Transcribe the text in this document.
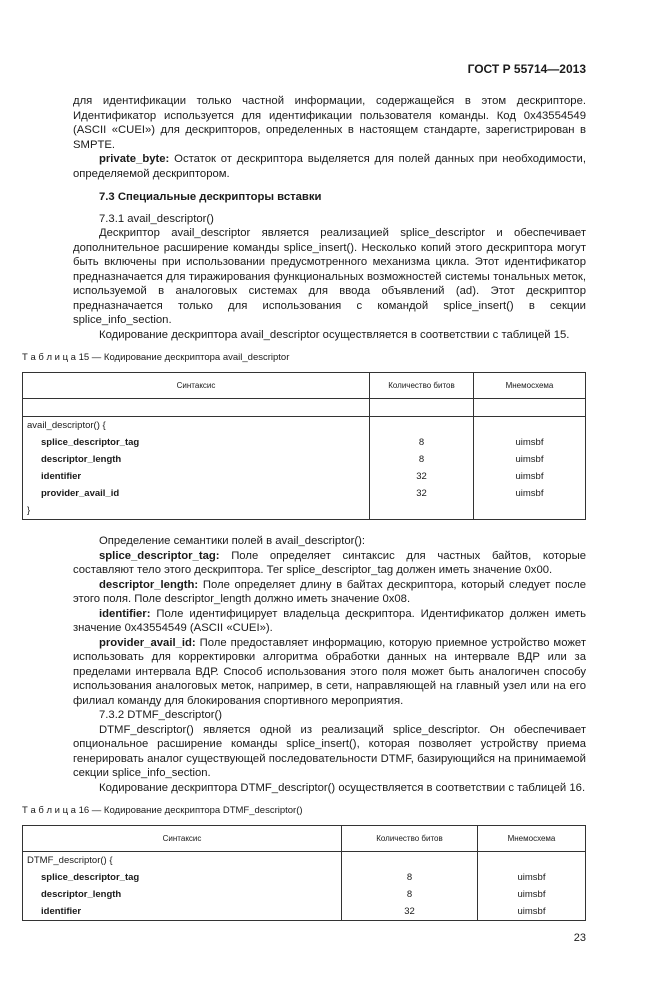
ГОСТ Р 55714—2013

для идентификации только частной информации, содержащейся в этом дескрипторе. Идентификатор используется для идентификации пользователя команды. Код 0x43554549 (ASCII «CUEI») для дескрипторов, определенных в настоящем стандарте, зарегистрирован в SMPTE.

private_byte: Остаток от дескриптора выделяется для полей данных при необходимости, определяемой дескриптором.

7.3 Специальные дескрипторы вставки

7.3.1 avail_descriptor()

Дескриптор avail_descriptor является реализацией splice_descriptor и обеспечивает дополнительное расширение команды splice_insert(). Несколько копий этого дескриптора могут быть включены при использовании предусмотренного механизма цикла. Этот идентификатор предназначается для тиражирования функциональных возможностей системы тональных меток, используемой в аналоговых системах для ввода объявлений (ad). Этот дескриптор предназначается только для использования с командой splice_insert() в секции splice_info_section.

Кодирование дескриптора avail_descriptor осуществляется в соответствии с таблицей 15.

Т а б л и ц а 15 — Кодирование дескриптора avail_descriptor
Синтаксис	Количество битов	Мнемосхема

avail_descriptor() {		
splice_descriptor_tag	8	uimsbf
descriptor_length	8	uimsbf
identifier	32	uimsbf
provider_avail_id	32	uimsbf
}		

Определение семантики полей в avail_descriptor():

splice_descriptor_tag: Поле определяет синтаксис для частных байтов, которые составляют тело этого дескриптора. Тег splice_descriptor_tag должен иметь значение 0x00.

descriptor_length: Поле определяет длину в байтах дескриптора, который следует после этого поля. Поле descriptor_length должно иметь значение 0x08.

identifier: Поле идентифицирует владельца дескриптора. Идентификатор должен иметь значение 0x43554549 (ASCII «CUEI»).

provider_avail_id: Поле предоставляет информацию, которую приемное устройство может использовать для корректировки алгоритма обработки данных на интервале ВДР или за пределами интервала ВДР. Способ использования этого поля может быть аналогичен способу использования аналоговых меток, например, в сети, направляющей на главный узел или на его филиал команду для блокирования спортивного мероприятия.

7.3.2 DTMF_descriptor()

DTMF_descriptor() является одной из реализаций splice_descriptor. Он обеспечивает опциональное расширение команды splice_insert(), которая позволяет устройству приема генерировать аналог существующей последовательности DTMF, базирующийся на принимаемой секции splice_info_section.

Кодирование дескриптора DTMF_descriptor() осуществляется в соответствии с таблицей 16.

Т а б л и ц а 16 — Кодирование дескриптора DTMF_descriptor()
Синтаксис	Количество битов	Мнемосхема
DTMF_descriptor() {		
splice_descriptor_tag	8	uimsbf
descriptor_length	8	uimsbf
identifier	32	uimsbf
23
